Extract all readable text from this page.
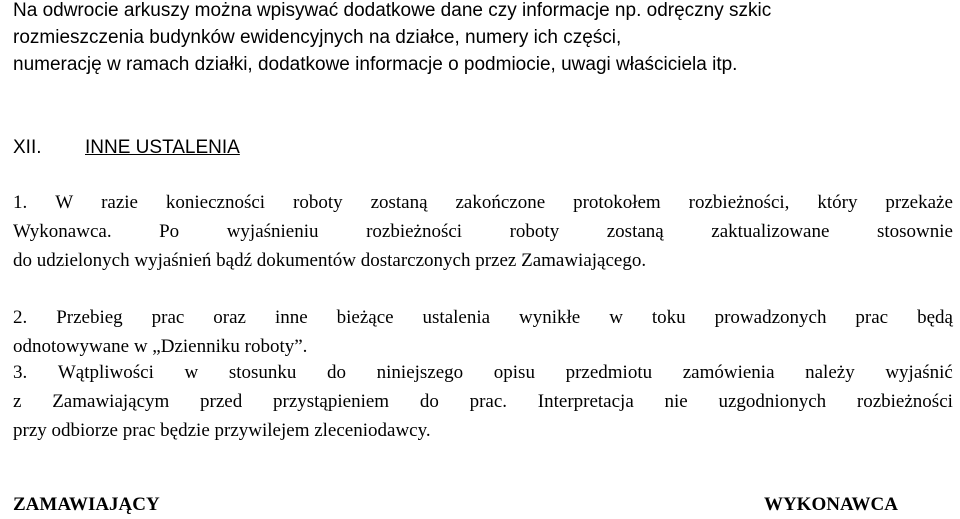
Na odwrocie arkuszy można wpisywać dodatkowe dane czy informacje np. odręczny szkic
rozmieszczenia budynków ewidencyjnych na działce, numery ich części,
numerację w ramach działki, dodatkowe informacje o podmiocie, uwagi właściciela itp.
XII. INNE USTALENIA
1. W razie konieczności roboty zostaną zakończone protokołem rozbieżności, który przekaże
Wykonawca.	Po	wyjaśnieniu	rozbieżności	roboty	zostaną	zaktualizowane	stosownie
do udzielonych wyjaśnień bądź dokumentów dostarczonych przez Zamawiającego.
2. Przebieg prac oraz inne bieżące ustalenia wynikłe w toku prowadzonych prac będą
odnotowywane w „Dzienniku roboty”.
3. Wątpliwości w stosunku do niniejszego opisu przedmiotu zamówienia należy wyjaśnić
z Zamawiającym przed przystąpieniem do prac. Interpretacja nie uzgodnionych rozbieżności
przy odbiorze prac będzie przywilejem zleceniodawcy.
ZAMAWIAJĄCY	WYKONAWCA
